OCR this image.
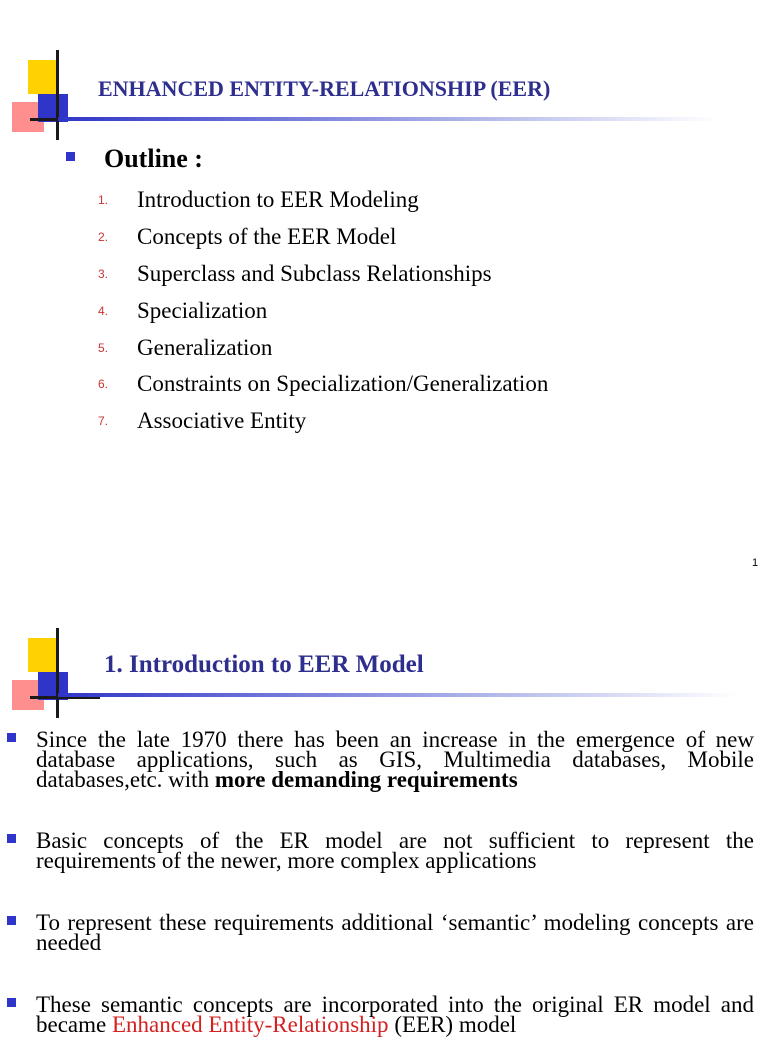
ENHANCED ENTITY-RELATIONSHIP (EER)
Outline :
1.	Introduction to EER Modeling
2.	Concepts of the EER Model
3.	Superclass and Subclass Relationships
4.	Specialization
5.	Generalization
6.	Constraints on Specialization/Generalization
7.	Associative Entity
1
1. Introduction to EER Model
Since the late 1970 there has been an increase in the emergence of new database applications, such as GIS, Multimedia databases, Mobile databases,etc. with more demanding requirements
Basic concepts of the ER model are not sufficient to represent the requirements of the newer, more complex applications
To represent these requirements additional ‘semantic’ modeling concepts are needed
These semantic concepts are incorporated into the original ER model and became Enhanced Entity-Relationship (EER) model
